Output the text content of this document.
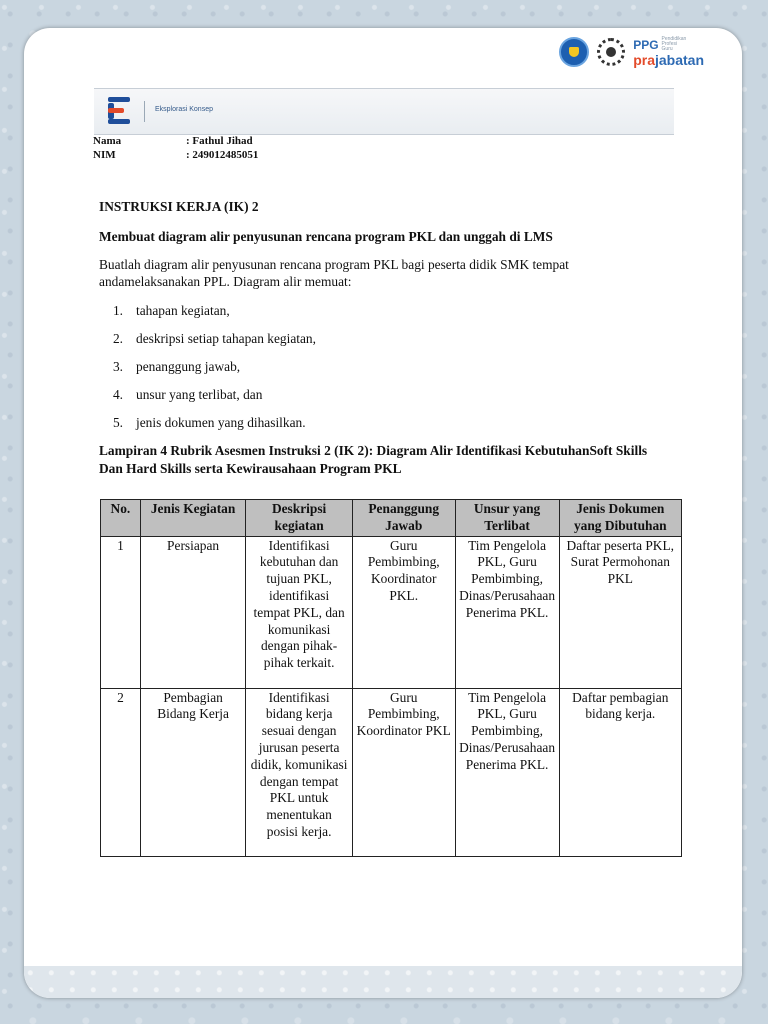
PPG Pendidikan Profesi Guru
prajabatan
Eksplorasi Konsep
Nama	: Fathul Jihad
NIM	: 249012485051
INSTRUKSI KERJA (IK) 2
Membuat diagram alir penyusunan rencana program PKL dan unggah di LMS
Buatlah diagram alir penyusunan rencana program PKL bagi peserta didik SMK tempat andamelaksanakan PPL. Diagram alir memuat:
1. tahapan kegiatan,
2. deskripsi setiap tahapan kegiatan,
3. penanggung jawab,
4. unsur yang terlibat, dan
5. jenis dokumen yang dihasilkan.
Lampiran 4 Rubrik Asesmen Instruksi 2 (IK 2): Diagram Alir Identifikasi KebutuhanSoft Skills Dan Hard Skills serta Kewirausahaan Program PKL
No.	Jenis Kegiatan	Deskripsi kegiatan	Penanggung Jawab	Unsur yang Terlibat	Jenis Dokumen yang Dibutuhan
1	Persiapan	Identifikasi kebutuhan dan tujuan PKL, identifikasi tempat PKL, dan komunikasi dengan pihak-pihak terkait.	Guru Pembimbing, Koordinator PKL.	Tim Pengelola PKL, Guru Pembimbing, Dinas/Perusahaan Penerima PKL.	Daftar peserta PKL, Surat Permohonan PKL
2	Pembagian Bidang Kerja	Identifikasi bidang kerja sesuai dengan jurusan peserta didik, komunikasi dengan tempat PKL untuk menentukan posisi kerja.	Guru Pembimbing, Koordinator PKL	Tim Pengelola PKL, Guru Pembimbing, Dinas/Perusahaan Penerima PKL.	Daftar pembagian bidang kerja.
